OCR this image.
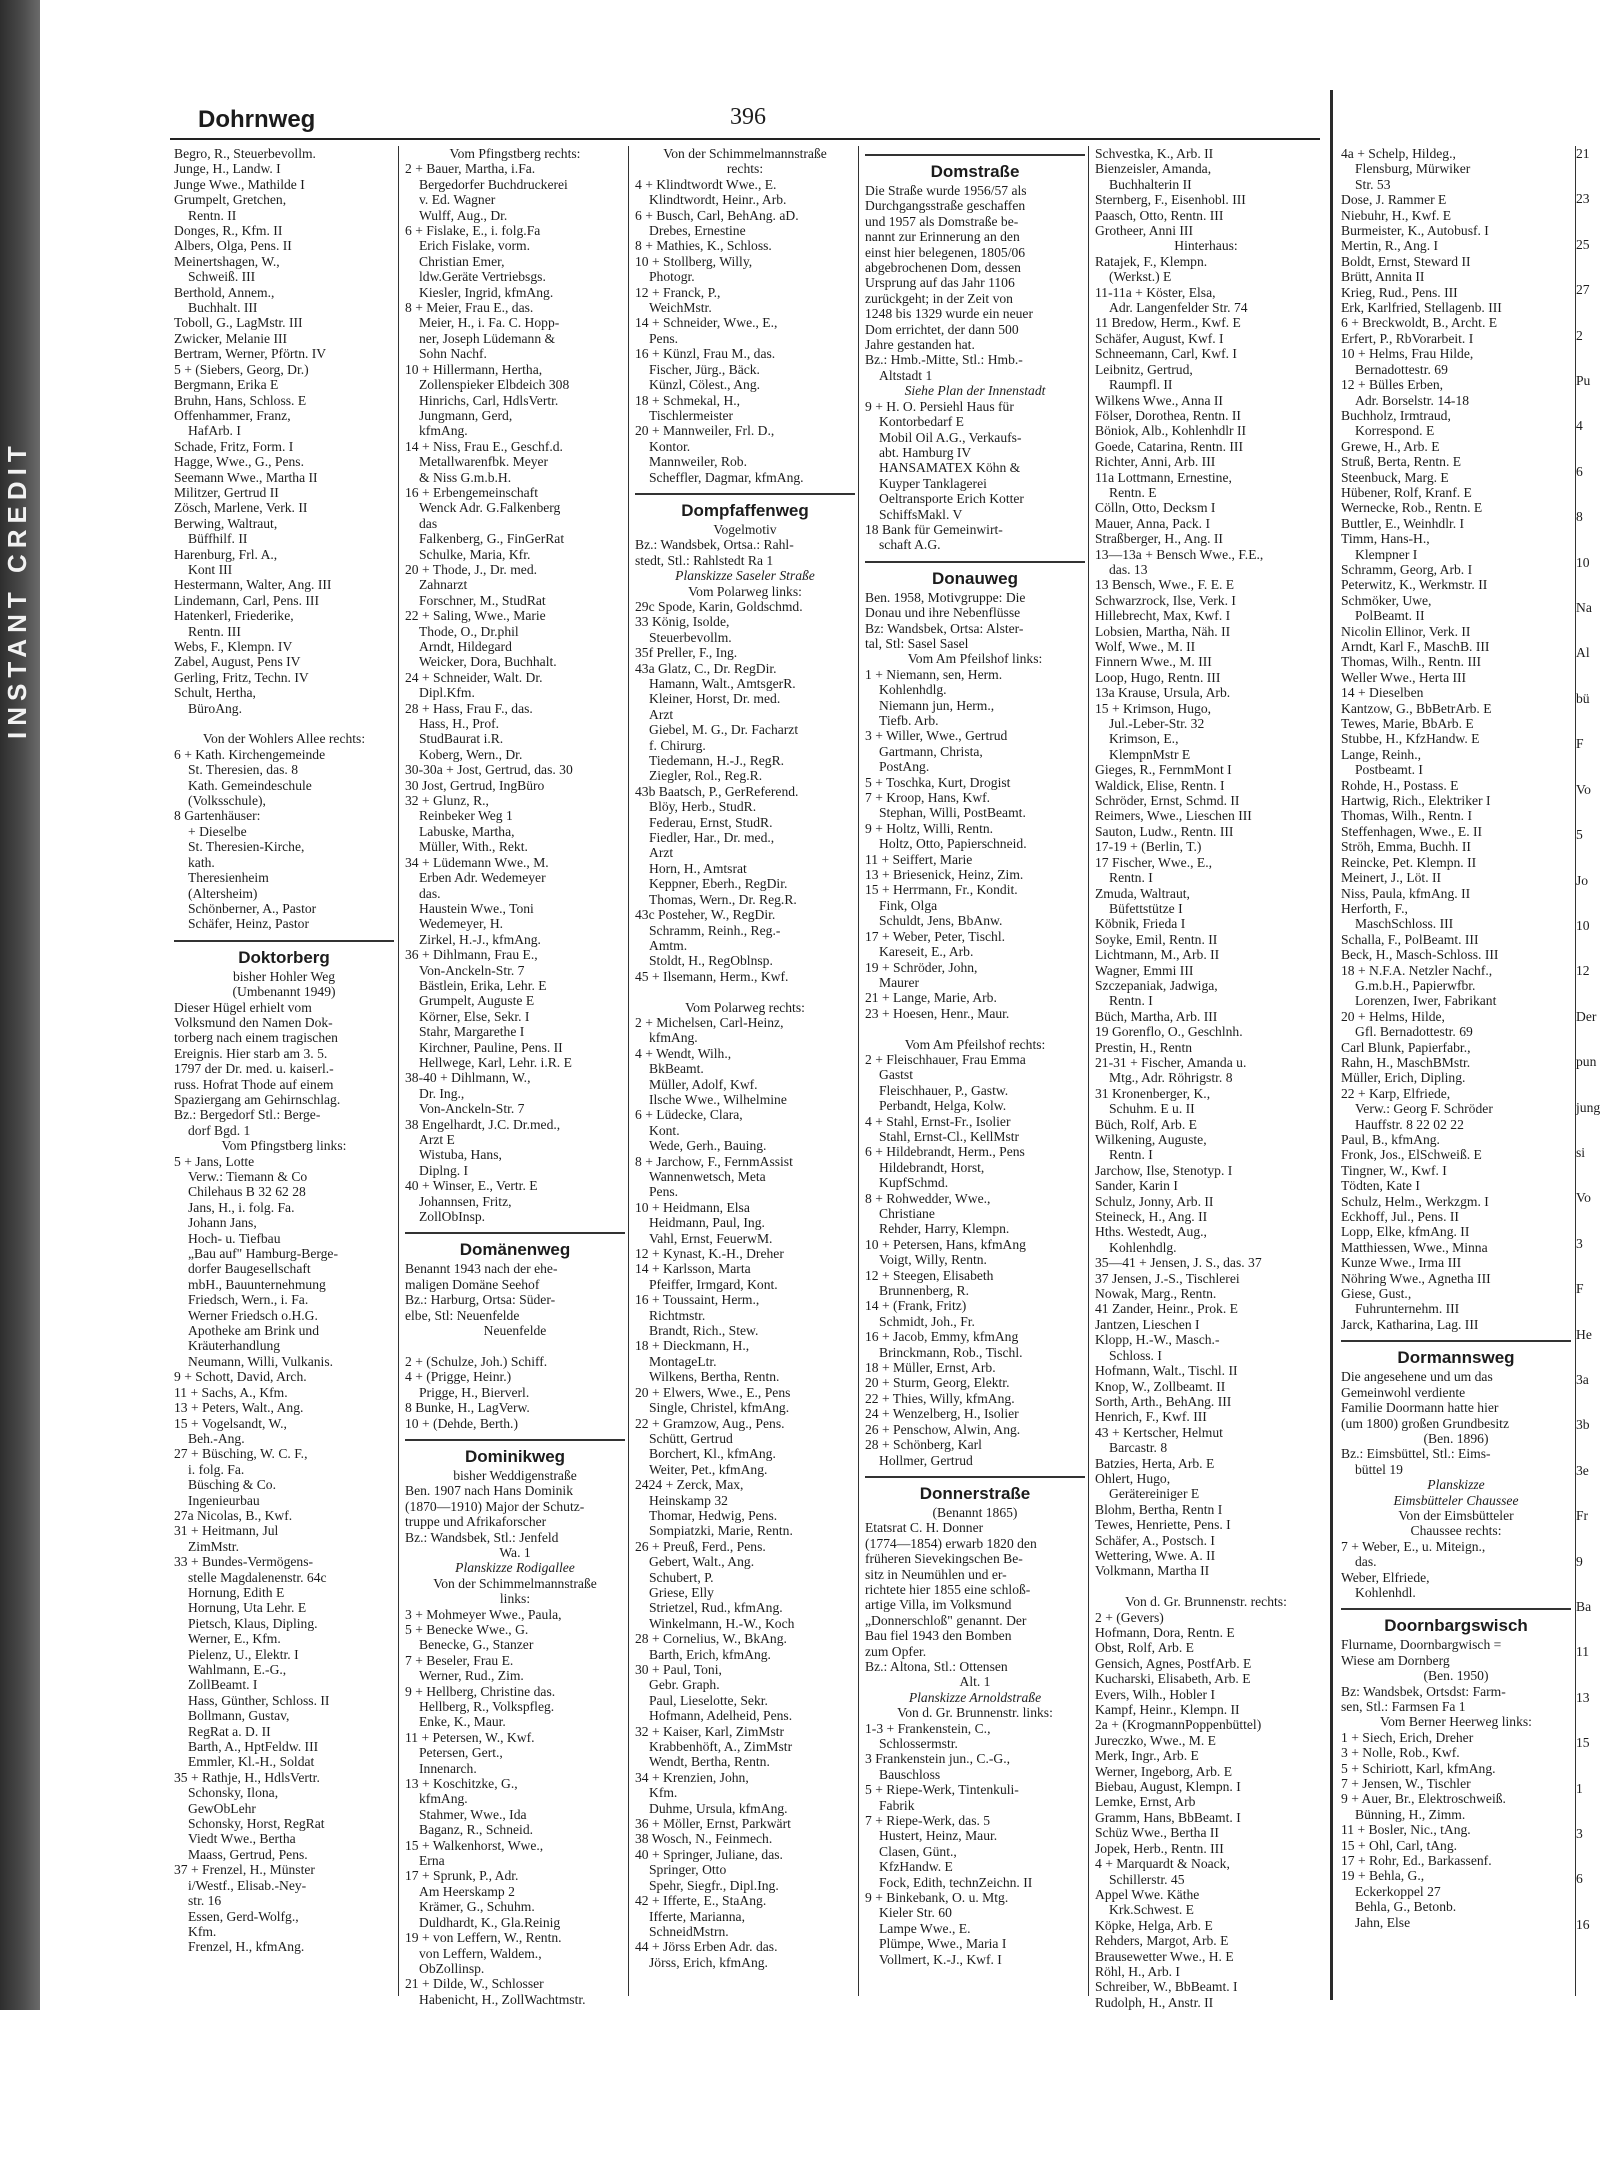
INSTANT CREDIT
Dohrnweg	396
Begro, R., Steuerbevollm.
Junge, H., Landw. I
Junge Wwe., Mathilde I
Grumpelt, Gretchen,
Rentn. II
Donges, R., Kfm. II
Albers, Olga, Pens. II
Meinertshagen, W.,
Schweiß. III
Berthold, Annem.,
Buchhalt. III
Toboll, G., LagMstr. III
Zwicker, Melanie III
Bertram, Werner, Pförtn. IV
5 + (Siebers, Georg, Dr.)
Bergmann, Erika E
Bruhn, Hans, Schloss. E
Offenhammer, Franz,
HafArb. I
Schade, Fritz, Form. I
Hagge, Wwe., G., Pens.
Seemann Wwe., Martha II
Militzer, Gertrud II
Zösch, Marlene, Verk. II
Berwing, Waltraut,
Büffhilf. II
Harenburg, Frl. A.,
Kont III
Hestermann, Walter, Ang. III
Lindemann, Carl, Pens. III
Hatenkerl, Friederike,
Rentn. III
Webs, F., Klempn. IV
Zabel, August, Pens IV
Gerling, Fritz, Techn. IV
Schult, Hertha,
BüroAng.

Von der Wohlers Allee rechts:
6 + Kath. Kirchengemeinde
St. Theresien, das. 8
Kath. Gemeindeschule
(Volksschule),
8 Gartenhäuser:
+ Dieselbe
St. Theresien-Kirche,
kath.
Theresienheim
(Altersheim)
Schönberner, A., Pastor
Schäfer, Heinz, Pastor
Doktorberg
bisher Hohler Weg
(Umbenannt 1949)
Dieser Hügel erhielt vom
Volksmund den Namen Dok-
torberg nach einem tragischen
Ereignis. Hier starb am 3. 5.
1797 der Dr. med. u. kaiserl.-
russ. Hofrat Thode auf einem
Spaziergang am Gehirnschlag.
Bz.: Bergedorf Stl.: Berge-
dorf Bgd. 1
Vom Pfingstberg links:
5 + Jans, Lotte
Verw.: Tiemann & Co
Chilehaus B 32 62 28
Jans, H., i. folg. Fa.
Johann Jans,
Hoch- u. Tiefbau
„Bau auf" Hamburg-Berge-
dorfer Baugesellschaft
mbH., Bauunternehmung
Friedsch, Wern., i. Fa.
Werner Friedsch o.H.G.
Apotheke am Brink und
Kräuterhandlung
Neumann, Willi, Vulkanis.
9 + Schott, David, Arch.
11 + Sachs, A., Kfm.
13 + Peters, Walt., Ang.
15 + Vogelsandt, W.,
Beh.-Ang.
27 + Büsching, W. C. F.,
i. folg. Fa.
Büsching & Co.
Ingenieurbau
27a Nicolas, B., Kwf.
31 + Heitmann, Jul
ZimMstr.
33 + Bundes-Vermögens-
stelle Magdalenenstr. 64c
Hornung, Edith E
Hornung, Uta Lehr. E
Pietsch, Klaus, Dipling.
Werner, E., Kfm.
Pielenz, U., Elektr. I
Wahlmann, E.-G.,
ZollBeamt. I
Hass, Günther, Schloss. II
Bollmann, Gustav,
RegRat a. D. II
Barth, A., HptFeldw. III
Emmler, Kl.-H., Soldat
35 + Rathje, H., HdlsVertr.
Schonsky, Ilona,
GewObLehr
Schonsky, Horst, RegRat
Viedt Wwe., Bertha
Maass, Gertrud, Pens.
37 + Frenzel, H., Münster
i/Westf., Elisab.-Ney-
str. 16
Essen, Gerd-Wolfg.,
Kfm.
Frenzel, H., kfmAng.
Vom Pfingstberg rechts:
2 + Bauer, Martha, i.Fa.
Bergedorfer Buchdruckerei
v. Ed. Wagner
Wulff, Aug., Dr.
6 + Fislake, E., i. folg.Fa
Erich Fislake, vorm.
Christian Emer,
ldw.Geräte Vertriebsgs.
Kiesler, Ingrid, kfmAng.
8 + Meier, Frau E., das.
Meier, H., i. Fa. C. Hopp-
ner, Joseph Lüdemann &
Sohn Nachf.
10 + Hillermann, Hertha,
Zollenspieker Elbdeich 308
Hinrichs, Carl, HdlsVertr.
Jungmann, Gerd,
kfmAng.
14 + Niss, Frau E., Geschf.d.
Metallwarenfbk. Meyer
& Niss G.m.b.H.
16 + Erbengemeinschaft
Wenck Adr. G.Falkenberg
das
Falkenberg, G., FinGerRat
Schulke, Maria, Kfr.
20 + Thode, J., Dr. med.
Zahnarzt
Forschner, M., StudRat
22 + Saling, Wwe., Marie
Thode, O., Dr.phil
Arndt, Hildegard
Weicker, Dora, Buchhalt.
24 + Schneider, Walt. Dr.
Dipl.Kfm.
28 + Hass, Frau F., das.
Hass, H., Prof.
StudBaurat i.R.
Koberg, Wern., Dr.
30-30a + Jost, Gertrud, das. 30
30 Jost, Gertrud, IngBüro
32 + Glunz, R.,
Reinbeker Weg 1
Labuske, Martha,
Müller, With., Rekt.
34 + Lüdemann Wwe., M.
Erben Adr. Wedemeyer
das.
Haustein Wwe., Toni
Wedemeyer, H.
Zirkel, H.-J., kfmAng.
36 + Dihlmann, Frau E.,
Von-Anckeln-Str. 7
Bästlein, Erika, Lehr. E
Grumpelt, Auguste E
Körner, Else, Sekr. I
Stahr, Margarethe I
Kirchner, Pauline, Pens. II
Hellwege, Karl, Lehr. i.R. E
38-40 + Dihlmann, W.,
Dr. Ing.,
Von-Anckeln-Str. 7
38 Engelhardt, J.C. Dr.med.,
Arzt E
Wistuba, Hans,
Diplng. I
40 + Winser, E., Vertr. E
Johannsen, Fritz,
ZollObInsp.
Domänenweg
Benannt 1943 nach der ehe-
maligen Domäne Seehof
Bz.: Harburg, Ortsa: Süder-
elbe, Stl: Neuenfelde
Neuenfelde

2 + (Schulze, Joh.) Schiff.
4 + (Prigge, Heinr.)
Prigge, H., Bierverl.
8 Bunke, H., LagVerw.
10 + (Dehde, Berth.)
Dominikweg
bisher Weddigenstraße
Ben. 1907 nach Hans Dominik
(1870—1910) Major der Schutz-
truppe und Afrikaforscher
Bz.: Wandsbek, Stl.: Jenfeld
Wa. 1
Planskizze Rodigallee
Von der Schimmelmannstraße
links:
3 + Mohmeyer Wwe., Paula,
5 + Benecke Wwe., G.
Benecke, G., Stanzer
7 + Beseler, Frau E.
Werner, Rud., Zim.
9 + Hellberg, Christine das.
Hellberg, R., Volkspfleg.
Enke, K., Maur.
11 + Petersen, W., Kwf.
Petersen, Gert.,
Innenarch.
13 + Koschitzke, G.,
kfmAng.
Stahmer, Wwe., Ida
Baganz, R., Schneid.
15 + Walkenhorst, Wwe.,
Erna
17 + Sprunk, P., Adr.
Am Heerskamp 2
Krämer, G., Schuhm.
Duldhardt, K., Gla.Reinig
19 + von Leffern, W., Rentn.
von Leffern, Waldem.,
ObZollinsp.
21 + Dilde, W., Schlosser
Habenicht, H., ZollWachtmstr.
Von der Schimmelmannstraße
rechts:
4 + Klindtwordt Wwe., E.
Klindtwordt, Heinr., Arb.
6 + Busch, Carl, BehAng. aD.
Drebes, Ernestine
8 + Mathies, K., Schloss.
10 + Stollberg, Willy,
Photogr.
12 + Franck, P.,
WeichMstr.
14 + Schneider, Wwe., E.,
Pens.
16 + Künzl, Frau M., das.
Fischer, Jürg., Bäck.
Künzl, Cölest., Ang.
18 + Schmekal, H.,
Tischlermeister
20 + Mannweiler, Frl. D.,
Kontor.
Mannweiler, Rob.
Scheffler, Dagmar, kfmAng.
Dompfaffenweg
Vogelmotiv
Bz.: Wandsbek, Ortsa.: Rahl-
stedt, Stl.: Rahlstedt Ra 1
Planskizze Saseler Straße
Vom Polarweg links:
29c Spode, Karin, Goldschmd.
33 König, Isolde,
Steuerbevollm.
35f Preller, F., Ing.
43a Glatz, C., Dr. RegDir.
Hamann, Walt., AmtsgerR.
Kleiner, Horst, Dr. med.
Arzt
Giebel, M. G., Dr. Facharzt
f. Chirurg.
Tiedemann, H.-J., RegR.
Ziegler, Rol., Reg.R.
43b Baatsch, P., GerReferend.
Blöy, Herb., StudR.
Federau, Ernst, StudR.
Fiedler, Har., Dr. med.,
Arzt
Horn, H., Amtsrat
Keppner, Eberh., RegDir.
Thomas, Wern., Dr. Reg.R.
43c Posteher, W., RegDir.
Schramm, Reinh., Reg.-
Amtm.
Stoldt, H., RegOblnsp.
45 + Ilsemann, Herm., Kwf.

Vom Polarweg rechts:
2 + Michelsen, Carl-Heinz,
kfmAng.
4 + Wendt, Wilh.,
BkBeamt.
Müller, Adolf, Kwf.
Ilsche Wwe., Wilhelmine
6 + Lüdecke, Clara,
Kont.
Wede, Gerh., Bauing.
8 + Jarchow, F., FernmAssist
Wannenwetsch, Meta
Pens.
10 + Heidmann, Elsa
Heidmann, Paul, Ing.
Vahl, Ernst, FeuerwM.
12 + Kynast, K.-H., Dreher
14 + Karlsson, Marta
Pfeiffer, Irmgard, Kont.
16 + Toussaint, Herm.,
Richtmstr.
Brandt, Rich., Stew.
18 + Dieckmann, H.,
MontageLtr.
Wilkens, Bertha, Rentn.
20 + Elwers, Wwe., E., Pens
Single, Christel, kfmAng.
22 + Gramzow, Aug., Pens.
Schütt, Gertrud
Borchert, Kl., kfmAng.
Weiter, Pet., kfmAng.
2424 + Zerck, Max,
Heinskamp 32
Thomar, Hedwig, Pens.
Sompiatzki, Marie, Rentn.
26 + Preuß, Ferd., Pens.
Gebert, Walt., Ang.
Schubert, P.
Griese, Elly
Strietzel, Rud., kfmAng.
Winkelmann, H.-W., Koch
28 + Cornelius, W., BkAng.
Barth, Erich, kfmAng.
30 + Paul, Toni,
Gebr. Graph.
Paul, Lieselotte, Sekr.
Hofmann, Adelheid, Pens.
32 + Kaiser, Karl, ZimMstr
Krabbenhöft, A., ZimMstr
Wendt, Bertha, Rentn.
34 + Krenzien, John,
Kfm.
Duhme, Ursula, kfmAng.
36 + Möller, Ernst, Parkwärt
38 Wosch, N., Feinmech.
40 + Springer, Juliane, das.
Springer, Otto
Spehr, Siegfr., Dipl.Ing.
42 + Ifferte, E., StaAng.
Ifferte, Marianna,
SchneidMstrn.
44 + Jörss Erben Adr. das.
Jörss, Erich, kfmAng.
Domstraße
Die Straße wurde 1956/57 als
Durchgangsstraße geschaffen
und 1957 als Domstraße be-
nannt zur Erinnerung an den
einst hier belegenen, 1805/06
abgebrochenen Dom, dessen
Ursprung auf das Jahr 1106
zurückgeht; in der Zeit von
1248 bis 1329 wurde ein neuer
Dom errichtet, der dann 500
Jahre gestanden hat.
Bz.: Hmb.-Mitte, Stl.: Hmb.-
Altstadt 1
Siehe Plan der Innenstadt
9 + H. O. Persiehl Haus für
Kontorbedarf E
Mobil Oil A.G., Verkaufs-
abt. Hamburg IV
HANSAMATEX Köhn &
Kuyper Tanklagerei
Oeltransporte Erich Kotter
SchiffsMakl. V
18 Bank für Gemeinwirt-
schaft A.G.
Donauweg
Ben. 1958, Motivgruppe: Die
Donau und ihre Nebenflüsse
Bz: Wandsbek, Ortsa: Alster-
tal, Stl: Sasel Sasel
Vom Am Pfeilshof links:
1 + Niemann, sen, Herm.
Kohlenhdlg.
Niemann jun, Herm.,
Tiefb. Arb.
3 + Willer, Wwe., Gertrud
Gartmann, Christa,
PostAng.
5 + Toschka, Kurt, Drogist
7 + Kroop, Hans, Kwf.
Stephan, Willi, PostBeamt.
9 + Holtz, Willi, Rentn.
Holtz, Otto, Papierschneid.
11 + Seiffert, Marie
13 + Briesenick, Heinz, Zim.
15 + Herrmann, Fr., Kondit.
Fink, Olga
Schuldt, Jens, BbAnw.
17 + Weber, Peter, Tischl.
Kareseit, E., Arb.
19 + Schröder, John,
Maurer
21 + Lange, Marie, Arb.
23 + Hoesen, Henr., Maur.

Vom Am Pfeilshof rechts:
2 + Fleischhauer, Frau Emma
Gastst
Fleischhauer, P., Gastw.
Perbandt, Helga, Kolw.
4 + Stahl, Ernst-Fr., Isolier
Stahl, Ernst-Cl., KellMstr
6 + Hildebrandt, Herm., Pens
Hildebrandt, Horst,
KupfSchmd.
8 + Rohwedder, Wwe.,
Christiane
Rehder, Harry, Klempn.
10 + Petersen, Hans, kfmAng
Voigt, Willy, Rentn.
12 + Steegen, Elisabeth
Brunnenberg, R.
14 + (Frank, Fritz)
Schmidt, Joh., Fr.
16 + Jacob, Emmy, kfmAng
Brinckmann, Rob., Tischl.
18 + Müller, Ernst, Arb.
20 + Sturm, Georg, Elektr.
22 + Thies, Willy, kfmAng.
24 + Wenzelberg, H., Isolier
26 + Penschow, Alwin, Ang.
28 + Schönberg, Karl
Hollmer, Gertrud
Donnerstraße
(Benannt 1865)
Etatsrat C. H. Donner
(1774—1854) erwarb 1820 den
früheren Sievekingschen Be-
sitz in Neumühlen und er-
richtete hier 1855 eine schloß-
artige Villa, im Volksmund
„Donnerschloß" genannt. Der
Bau fiel 1943 den Bomben
zum Opfer.
Bz.: Altona, Stl.: Ottensen
Alt. 1
Planskizze Arnoldstraße
Von d. Gr. Brunnenstr. links:
1-3 + Frankenstein, C.,
Schlossermstr.
3 Frankenstein jun., C.-G.,
Bauschloss
5 + Riepe-Werk, Tintenkuli-
Fabrik
7 + Riepe-Werk, das. 5
Hustert, Heinz, Maur.
Clasen, Günt.,
KfzHandw. E
Fock, Edith, technZeichn. II
9 + Binkebank, O. u. Mtg.
Kieler Str. 60
Lampe Wwe., E.
Plümpe, Wwe., Maria I
Vollmert, K.-J., Kwf. I
Schvestka, K., Arb. II
Bienzeisler, Amanda,
Buchhalterin II
Sternberg, F., Eisenhobl. III
Paasch, Otto, Rentn. III
Grotheer, Anni III
Hinterhaus:
Ratajek, F., Klempn.
(Werkst.) E
11-11a + Köster, Elsa,
Adr. Langenfelder Str. 74
11 Bredow, Herm., Kwf. E
Schäfer, August, Kwf. I
Schneemann, Carl, Kwf. I
Leibnitz, Gertrud,
Raumpfl. II
Wilkens Wwe., Anna II
Fölser, Dorothea, Rentn. II
Böniok, Alb., Kohlenhdlr II
Goede, Catarina, Rentn. III
Richter, Anni, Arb. III
11a Lottmann, Ernestine,
Rentn. E
Cölln, Otto, Decksm I
Mauer, Anna, Pack. I
Straßberger, H., Ang. II
13—13a + Bensch Wwe., F.E.,
das. 13
13 Bensch, Wwe., F. E. E
Schwarzrock, Ilse, Verk. I
Hillebrecht, Max, Kwf. I
Lobsien, Martha, Näh. II
Wolf, Wwe., M. II
Finnern Wwe., M. III
Loop, Hugo, Rentn. III
13a Krause, Ursula, Arb.
15 + Krimson, Hugo,
Jul.-Leber-Str. 32
Krimson, E.,
KlempnMstr E
Gieges, R., FernmMont I
Waldick, Elise, Rentn. I
Schröder, Ernst, Schmd. II
Reimers, Wwe., Lieschen III
Sauton, Ludw., Rentn. III
17-19 + (Berlin, T.)
17 Fischer, Wwe., E.,
Rentn. I
Zmuda, Waltraut,
Büfettstütze I
Köbnik, Frieda I
Soyke, Emil, Rentn. II
Lichtmann, M., Arb. II
Wagner, Emmi III
Szczepaniak, Jadwiga,
Rentn. I
Büch, Martha, Arb. III
19 Gorenflo, O., Geschlnh.
Prestin, H., Rentn
21-31 + Fischer, Amanda u.
Mtg., Adr. Röhrigstr. 8
31 Kronenberger, K.,
Schuhm. E u. II
Büch, Rolf, Arb. E
Wilkening, Auguste,
Rentn. I
Jarchow, Ilse, Stenotyp. I
Sander, Karin I
Schulz, Jonny, Arb. II
Steineck, H., Ang. II
Hths. Westedt, Aug.,
Kohlenhdlg.
35—41 + Jensen, J. S., das. 37
37 Jensen, J.-S., Tischlerei
Nowak, Marg., Rentn.
41 Zander, Heinr., Prok. E
Jantzen, Lieschen I
Klopp, H.-W., Masch.-
Schloss. I
Hofmann, Walt., Tischl. II
Knop, W., Zollbeamt. II
Sorth, Arth., BehAng. III
Henrich, F., Kwf. III
43 + Kertscher, Helmut
Barcastr. 8
Batzies, Herta, Arb. E
Ohlert, Hugo,
Gerätereiniger E
Blohm, Bertha, Rentn I
Tewes, Henriette, Pens. I
Schäfer, A., Postsch. I
Wettering, Wwe. A. II
Volkmann, Martha II

Von d. Gr. Brunnenstr. rechts:
2 + (Gevers)
Hofmann, Dora, Rentn. E
Obst, Rolf, Arb. E
Gensich, Agnes, PostfArb. E
Kucharski, Elisabeth, Arb. E
Evers, Wilh., Hobler I
Kampf, Heinr., Klempn. II
2a + (KrogmannPoppenbüttel)
Jureczko, Wwe., M. E
Merk, Ingr., Arb. E
Werner, Ingeborg, Arb. E
Biebau, August, Klempn. I
Lemke, Ernst, Arb
Gramm, Hans, BbBeamt. I
Schüz Wwe., Bertha II
Jopek, Herb., Rentn. III
4 + Marquardt & Noack,
Schillerstr. 45
Appel Wwe. Käthe
Krk.Schwest. E
Köpke, Helga, Arb. E
Rehders, Margot, Arb. E
Brausewetter Wwe., H. E
Röhl, H., Arb. I
Schreiber, W., BbBeamt. I
Rudolph, H., Anstr. II
4a + Schelp, Hildeg.,
Flensburg, Mürwiker
Str. 53
Dose, J. Rammer E
Niebuhr, H., Kwf. E
Burmeister, K., Autobusf. I
Mertin, R., Ang. I
Boldt, Ernst, Steward II
Brütt, Annita II
Krieg, Rud., Pens. III
Erk, Karlfried, Stellagenb. III
6 + Breckwoldt, B., Archt. E
Erfert, P., RbVorarbeit. I
10 + Helms, Frau Hilde,
Bernadottestr. 69
12 + Bülles Erben,
Adr. Borselstr. 14-18
Buchholz, Irmtraud,
Korrespond. E
Grewe, H., Arb. E
Struß, Berta, Rentn. E
Steenbuck, Marg. E
Hübener, Rolf, Kranf. E
Wernecke, Rob., Rentn. E
Buttler, E., Weinhdlr. I
Timm, Hans-H.,
Klempner I
Schramm, Georg, Arb. I
Peterwitz, K., Werkmstr. II
Schmöker, Uwe,
PolBeamt. II
Nicolin Ellinor, Verk. II
Arndt, Karl F., MaschB. III
Thomas, Wilh., Rentn. III
Weller Wwe., Herta III
14 + Dieselben
Kantzow, G., BbBetrArb. E
Tewes, Marie, BbArb. E
Stubbe, H., KfzHandw. E
Lange, Reinh.,
Postbeamt. I
Rohde, H., Postass. E
Hartwig, Rich., Elektriker I
Thomas, Wilh., Rentn. I
Steffenhagen, Wwe., E. II
Ströh, Emma, Buchh. II
Reincke, Pet. Klempn. II
Meinert, J., Löt. II
Niss, Paula, kfmAng. II
Herforth, F.,
MaschSchloss. III
Schalla, F., PolBeamt. III
Beck, H., Masch-Schloss. III
18 + N.F.A. Netzler Nachf.,
G.m.b.H., Papierwfbr.
Lorenzen, Iwer, Fabrikant
20 + Helms, Hilde,
Gfl. Bernadottestr. 69
Carl Blunk, Papierfabr.,
Rahn, H., MaschBMstr.
Müller, Erich, Dipling.
22 + Karp, Elfriede,
Verw.: Georg F. Schröder
Hauffstr. 8 22 02 22
Paul, B., kfmAng.
Fronk, Jos., ElSchweiß. E
Tingner, W., Kwf. I
Tödten, Kate I
Schulz, Helm., Werkzgm. I
Eckhoff, Jul., Pens. II
Lopp, Elke, kfmAng. II
Matthiessen, Wwe., Minna
Kunze Wwe., Irma III
Nöhring Wwe., Agnetha III
Giese, Gust.,
Fuhrunternehm. III
Jarck, Katharina, Lag. III
Dormannsweg
Die angesehene und um das
Gemeinwohl verdiente
Familie Doormann hatte hier
(um 1800) großen Grundbesitz
(Ben. 1896)
Bz.: Eimsbüttel, Stl.: Eims-
büttel 19
Planskizze
Eimsbütteler Chaussee
Von der Eimsbütteler
Chaussee rechts:
7 + Weber, E., u. Miteign.,
das.
Weber, Elfriede,
Kohlenhdl.
Doornbargswisch
Flurname, Doornbargwisch =
Wiese am Dornberg
(Ben. 1950)
Bz: Wandsbek, Ortsdst: Farm-
sen, Stl.: Farmsen Fa 1
Vom Berner Heerweg links:
1 + Siech, Erich, Dreher
3 + Nolle, Rob., Kwf.
5 + Schiriott, Karl, kfmAng.
7 + Jensen, W., Tischler
9 + Auer, Br., Elektroschweiß.
Bünning, H., Zimm.
11 + Bosler, Nic., tAng.
15 + Ohl, Carl, tAng.
17 + Rohr, Ed., Barkassenf.
19 + Behla, G.,
Eckerkoppel 27
Behla, G., Betonb.
Jahn, Else
21
23
25
27
2
Pu
4
6
8
10
Na
Al
bü
F
Vo
5
Jo
10
12
Der
pun
jung
si
Vo
3
F
He
3a
3b
3e
Fr
9
Ba
11
13
15
1
3
6
16
